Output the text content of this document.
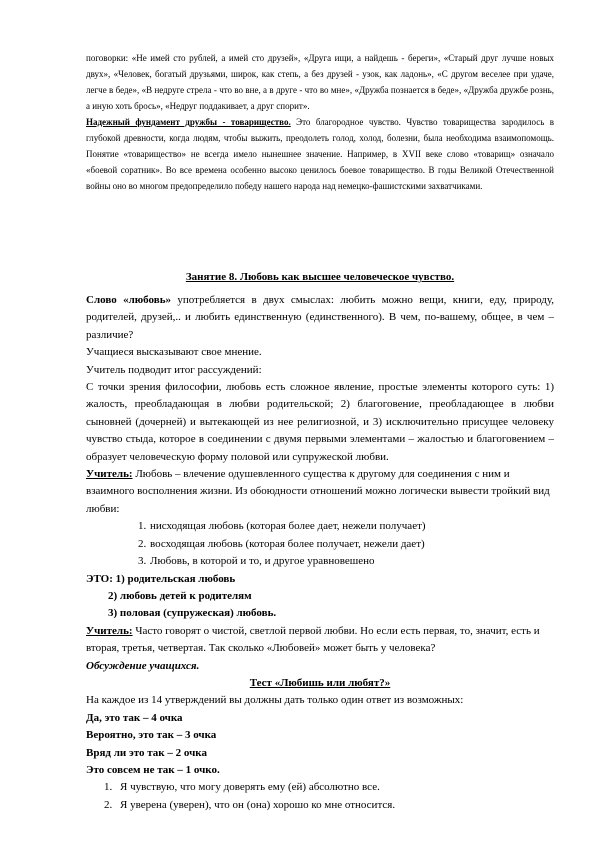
поговорки: «Не имей сто рублей, а имей сто друзей», «Друга ищи, а найдешь - береги», «Старый друг лучше новых двух», «Человек, богатый друзьями, широк, как степь, а без друзей - узок, как ладонь», «С другом веселее при удаче, легче в беде», «В недруге стрела - что во вне, а в друге - что во мне», «Дружба познается в беде», «Дружба дружбе рознь, а иную хоть брось», «Недруг поддакивает, а друг спорит».

Надежный фундамент дружбы - товарищество. Это благородное чувство. Чувство товарищества зародилось в глубокой древности, когда людям, чтобы выжить, преодолеть голод, холод, болезни, была необходима взаимопомощь. Понятие «товарищество» не всегда имело нынешнее значение. Например, в XVII веке слово «товарищ» означало «боевой соратник». Во все времена особенно высоко ценилось боевое товарищество. В годы Великой Отечественной войны оно во многом предопределило победу нашего народа над немецко-фашистскими захватчиками.

Занятие 8. Любовь как высшее человеческое чувство.

Слово «любовь» употребляется в двух смыслах: любить можно вещи, книги, еду, природу, родителей, друзей,.. и любить единственную (единственного). В чем, по-вашему, общее, в чем – различие?

Учащиеся высказывают свое мнение.

Учитель подводит итог рассуждений:

С точки зрения философии, любовь есть сложное явление, простые элементы которого суть: 1) жалость, преобладающая в любви родительской; 2) благоговение, преобладающее в любви сыновней (дочерней) и вытекающей из нее религиозной, и 3) исключительно присущее человеку чувство стыда, которое в соединении с двумя первыми элементами – жалостью и благоговением – образует человеческую форму половой или супружеской любви.

Учитель: Любовь – влечение одушевленного существа к другому для соединения с ним и взаимного восполнения жизни. Из обоюдности отношений можно логически вывести тройкий вид любви:

1. нисходящая любовь (которая более дает, нежели получает)
2. восходящая любовь (которая более получает, нежели дает)
3. Любовь, в которой и то, и другое уравновешено

ЭТО: 1) родительская любовь

2) любовь детей к родителям

3) половая (супружеская) любовь.

Учитель: Часто говорят о чистой, светлой первой любви. Но если есть первая, то, значит, есть и вторая, третья, четвертая. Так сколько «Любовей» может быть у человека?

Обсуждение учащихся.

Тест «Любишь или любят?»

На каждое из 14 утверждений вы должны дать только один ответ из возможных:

Да, это так – 4 очка

Вероятно, это так – 3 очка

Вряд ли это так – 2 очка

Это совсем не так – 1 очко.

1. Я чувствую, что могу доверять ему (ей) абсолютно все.
2. Я уверена (уверен), что он (она) хорошо ко мне относится.
